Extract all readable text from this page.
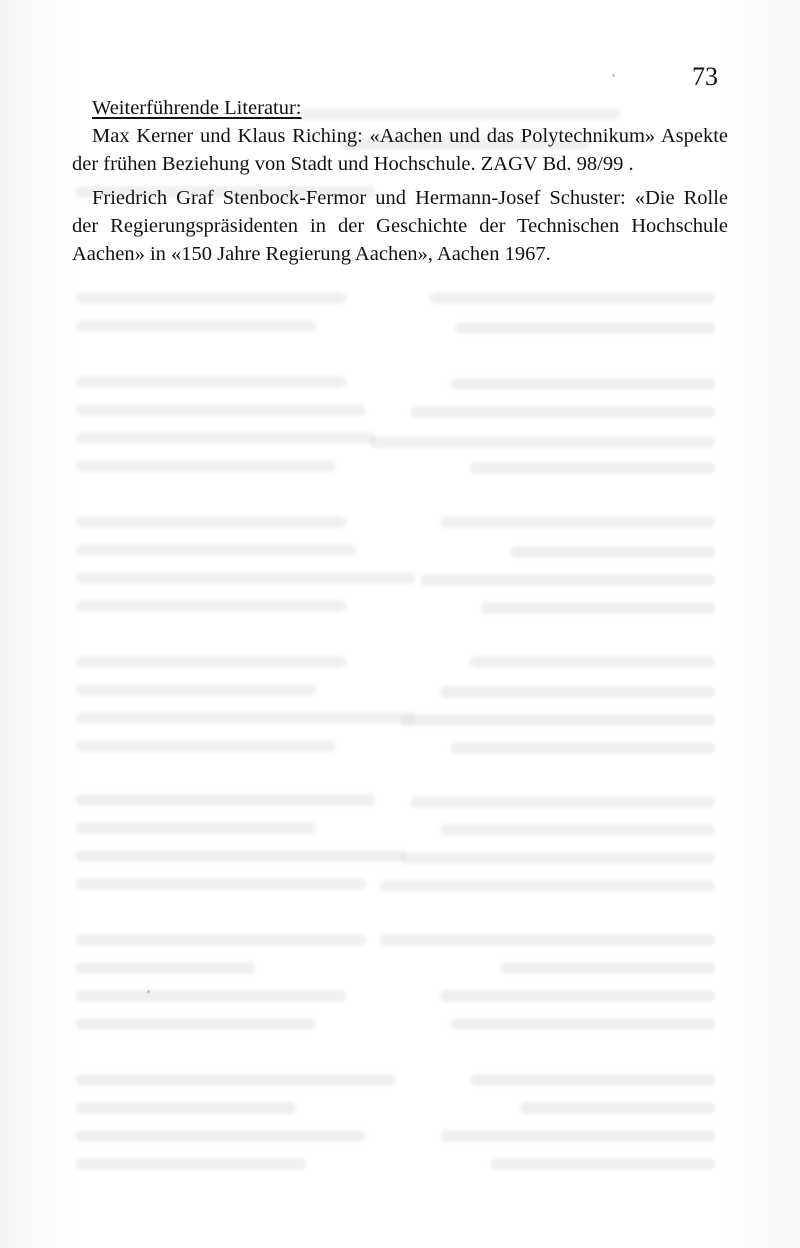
73

Weiterführende Literatur:

Max Kerner und Klaus Riching: «Aachen und das Polytechnikum» Aspekte der frühen Beziehung von Stadt und Hochschule. ZAGV Bd. 98/99 .

Friedrich Graf Stenbock-Fermor und Hermann-Josef Schuster: «Die Rolle der Regierungspräsidenten in der Geschichte der Technischen Hochschule Aachen» in «150 Jahre Regierung Aachen», Aachen 1967.
